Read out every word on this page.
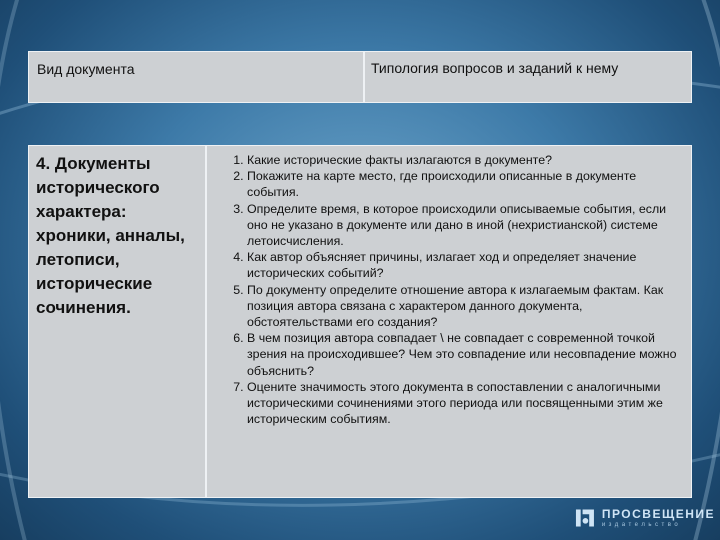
Вид документа	Типология вопросов и заданий к нему
4. Документы исторического характера: хроники, анналы, летописи, исторические сочинения.
1. Какие исторические факты излагаются в документе?
2. Покажите на карте место, где происходили описанные в документе события.
3. Определите время, в которое происходили описываемые события, если оно не указано в документе или дано в иной (нехристианской) системе летоисчисления.
4. Как автор объясняет причины, излагает ход и определяет значение исторических событий?
5. По документу определите отношение автора к излагаемым фактам. Как позиция автора связана с характером данного документа, обстоятельствами его создания?
6. В чем позиция автора совпадает \ не совпадает с современной точкой зрения на происходившее? Чем это совпадение или несовпадение можно объяснить?
7. Оцените значимость этого документа в сопоставлении с аналогичными историческими сочинениями этого периода или посвященными этим же историческим событиям.
ПРОСВЕЩЕНИЕ
издательство
